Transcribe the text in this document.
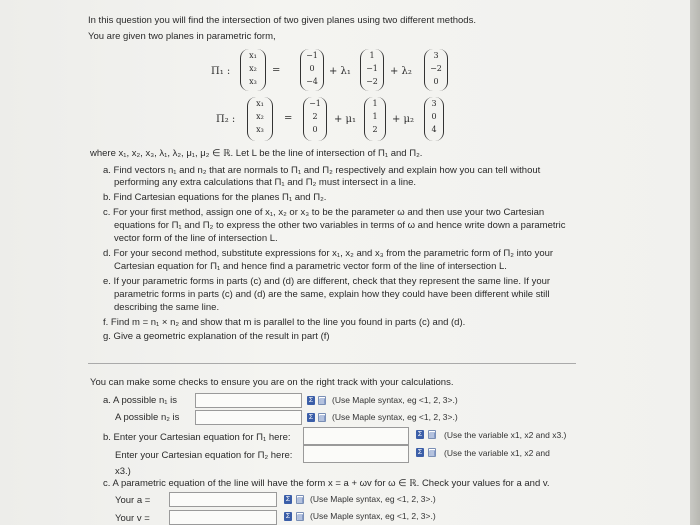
In this question you will find the intersection of two given planes using two different methods.
You are given two planes in parametric form,
Π₁ :
x₁
x₂
x₃
=
−1
0
−4
+ λ₁
1
−1
−2
+ λ₂
3
−2
0
Π₂ :
x₁
x₂
x₃
=
−1
2
0
+ μ₁
1
1
2
+ μ₂
3
0
4
where x₁, x₂, x₃, λ₁, λ₂, μ₁, μ₂ ∈ ℝ. Let L be the line of intersection of Π₁ and Π₂.
a. Find vectors n₁ and n₂ that are normals to Π₁ and Π₂ respectively and explain how you can tell without
performing any extra calculations that Π₁ and Π₂ must intersect in a line.
b. Find Cartesian equations for the planes Π₁ and Π₂.
c. For your first method, assign one of x₁, x₂ or x₃ to be the parameter ω and then use your two Cartesian
equations for Π₁ and Π₂ to express the other two variables in terms of ω and hence write down a parametric
vector form of the line of intersection L.
d. For your second method, substitute expressions for x₁, x₂ and x₃ from the parametric form of Π₂ into your
Cartesian equation for Π₁ and hence find a parametric vector form of the line of intersection L.
e. If your parametric forms in parts (c) and (d) are different, check that they represent the same line. If your
parametric forms in parts (c) and (d) are the same, explain how they could have been different while still
describing the same line.
f. Find m = n₁ × n₂ and show that m is parallel to the line you found in parts (c) and (d).
g. Give a geometric explanation of the result in part (f)
You can make some checks to ensure you are on the right track with your calculations.
a. A possible n₁ is	Σ ▤ (Use Maple syntax, eg <1, 2, 3>.)
A possible n₂ is	Σ ▤ (Use Maple syntax, eg <1, 2, 3>.)
b. Enter your Cartesian equation for Π₁ here:	Σ ▤ (Use the variable x1, x2 and x3.)
Enter your Cartesian equation for Π₂ here:	Σ ▤ (Use the variable x1, x2 and
x3.)
c. A parametric equation of the line will have the form x = a + ωv for ω ∈ ℝ. Check your values for a and v.
Your a =	Σ ▤ (Use Maple syntax, eg <1, 2, 3>.)
Your v =	Σ ▤ (Use Maple syntax, eg <1, 2, 3>.)
